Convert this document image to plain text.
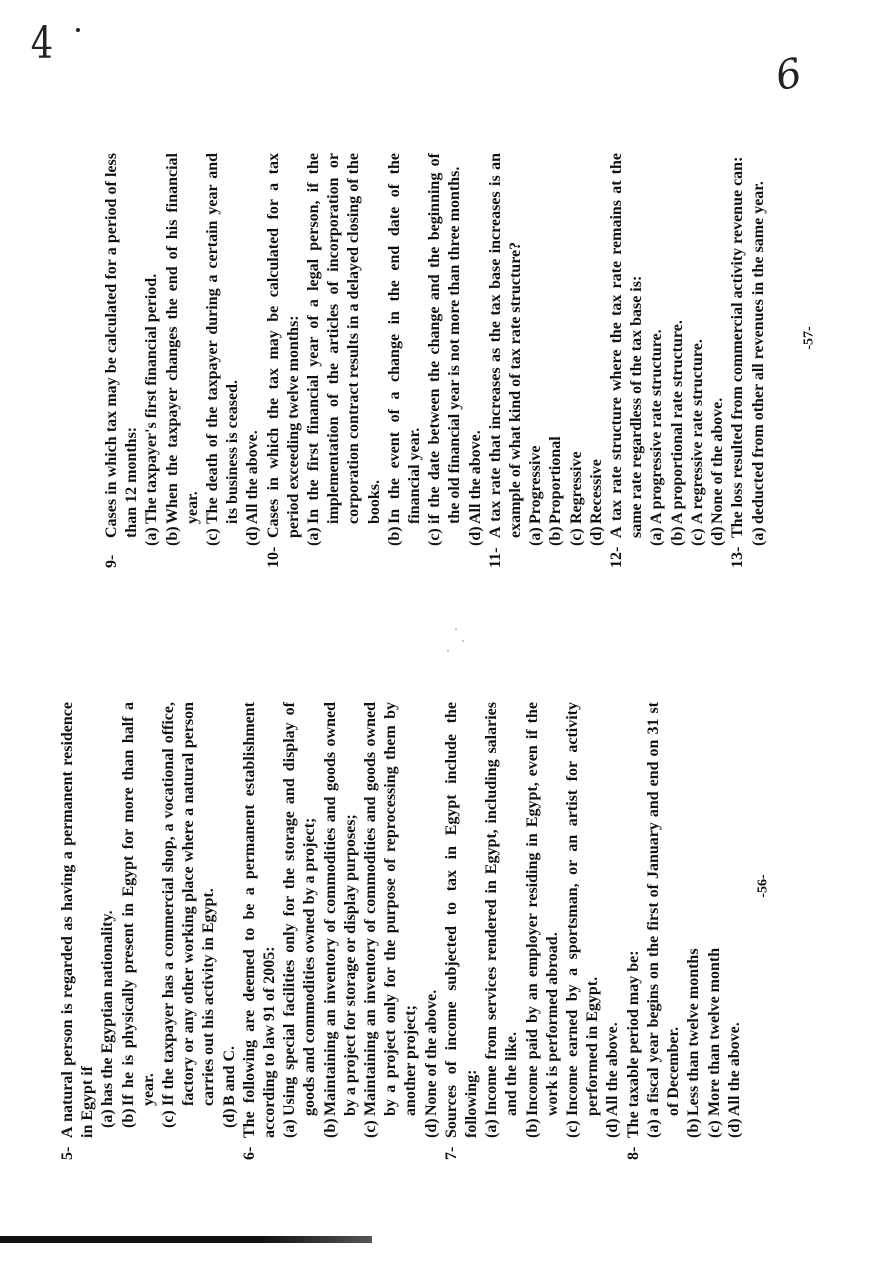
4
6
5-
A natural person is regarded as having a permanent residence in Egypt if (a)
has the Egyptian nationality.
(b)
If he is physically present in Egypt for more than half a year.
(c)
If the taxpayer has a commercial shop, a vocational office, factory or any other working place where a natural person carries out his activity in Egypt.
(d)
B and C.
6-
The following are deemed to be a permanent establishment according to law 91 of 2005: (a)
Using special facilities only for the storage and display of goods and commodities owned by a project;
(b)
Maintaining an inventory of commodities and goods owned by a project for storage or display purposes;
(c)
Maintaining an inventory of commodities and goods owned by a project only for the purpose of reprocessing them by another project;
(d)
None of the above.
7-
Sources of income subjected to tax in Egypt include the following: (a)
Income from services rendered in Egypt, including salaries and the like.
(b)
Income paid by an employer residing in Egypt, even if the work is performed abroad.
(c)
Income earned by a sportsman, or an artist for activity performed in Egypt.
(d)
All the above.
8-
The taxable period may be: (a)
a fiscal year begins on the first of January and end on 31 st of December.
(b)
Less than twelve months
(c)
More than twelve month
(d)
All the above.
9-
Cases in which tax may be calculated for a period of less than 12 months: (a)
The taxpayer's first financial period.
(b)
When the taxpayer changes the end of his financial year.
(c)
The death of the taxpayer during a certain year and its business is ceased.
(d)
All the above.
10-
Cases in which the tax may be calculated for a tax period exceeding twelve months: (a)
In the first financial year of a legal person, if the implementation of the articles of incorporation or corporation contract results in a delayed closing of the books.
(b)
In the event of a change in the end date of the financial year.
(c)
if the date between the change and the beginning of the old financial year is not more than three months.
(d)
All the above.
11-
A tax rate that increases as the tax base increases is an example of what kind of tax rate structure? (a)
Progressive
(b)
Proportional
(c)
Regressive
(d)
Recessive
12-
A tax rate structure where the tax rate remains at the same rate regardless of the tax base is: (a)
A progressive rate structure.
(b)
A proportional rate structure.
(c)
A regressive rate structure.
(d)
None of the above.
13-
The loss resulted from commercial activity revenue can: (a)
deducted from other all revenues in the same year.
-56-
-57-
